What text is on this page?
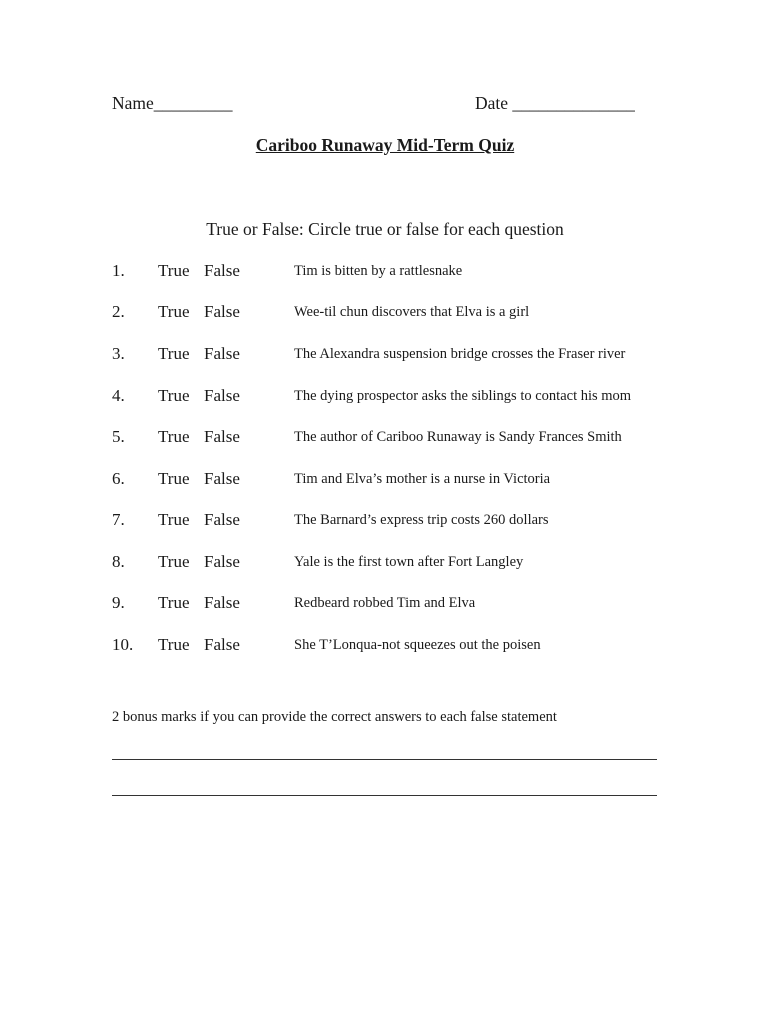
Name_________	Date ______________
Cariboo Runaway Mid-Term Quiz
True or False: Circle true or false for each question
1. True False	Tim is bitten by a rattlesnake
2. True False	Wee-til chun discovers that Elva is a girl
3. True False	The Alexandra suspension bridge crosses the Fraser river
4. True False	The dying prospector asks the siblings to contact his mom
5. True False	The author of Cariboo Runaway is Sandy Frances Smith
6. True False	Tim and Elva’s mother is a nurse in Victoria
7. True False	The Barnard’s express trip costs 260 dollars
8. True False	Yale is the first town after Fort Langley
9. True False	Redbeard robbed Tim and Elva
10. True False	She T’Lonqua-not squeezes out the poisen
2 bonus marks if you can provide the correct answers to each false statement
